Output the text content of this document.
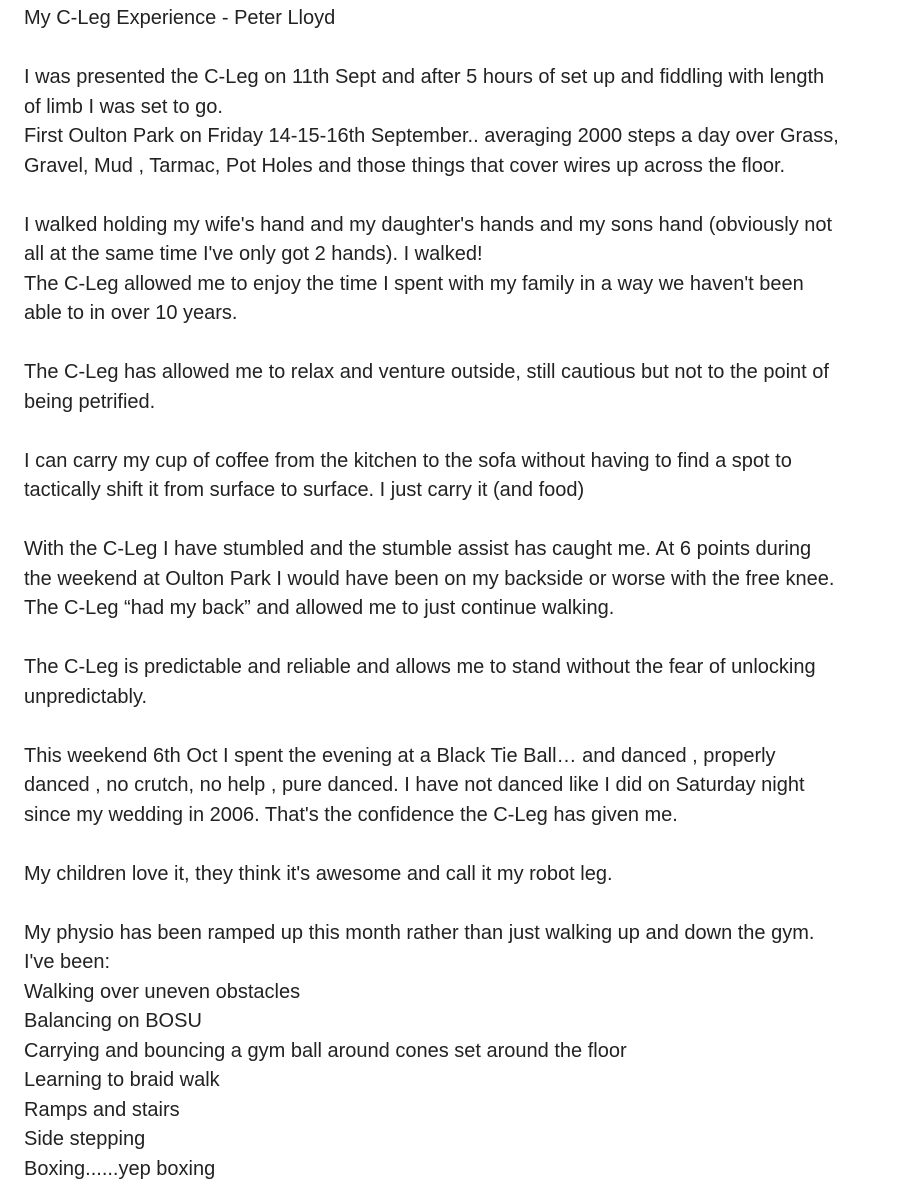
My C-Leg Experience - Peter Lloyd
I was presented the C-Leg on 11th Sept and after 5 hours of set up and fiddling with length
of limb I was set to go.
First Oulton Park on Friday 14-15-16th September.. averaging 2000 steps a day over Grass,
Gravel, Mud , Tarmac, Pot Holes and those things that cover wires up across the floor.
I walked holding my wife's hand and my daughter's hands and my sons hand (obviously not
all at the same time I've only got 2 hands). I walked!
The C-Leg allowed me to enjoy the time I spent with my family in a way we haven't been
able to in over 10 years.
The C-Leg has allowed me to relax and venture outside, still cautious but not to the point of
being petrified.
I can carry my cup of coffee from the kitchen to the sofa without having to find a spot to
tactically shift it from surface to surface. I just carry it (and food)
With the C-Leg I have stumbled and the stumble assist has caught me. At 6 points during
the weekend at Oulton Park I would have been on my backside or worse with the free knee.
The C-Leg “had my back” and allowed me to just continue walking.
The C-Leg is predictable and reliable and allows me to stand without the fear of unlocking
unpredictably.
This weekend 6th Oct I spent the evening at a Black Tie Ball… and danced , properly
danced , no crutch, no help , pure danced. I have not danced like I did on Saturday night
since my wedding in 2006. That's the confidence the C-Leg has given me.
My children love it, they think it's awesome and call it my robot leg.
My physio has been ramped up this month rather than just walking up and down the gym.
I've been:
Walking over uneven obstacles
Balancing on BOSU
Carrying and bouncing a gym ball around cones set around the floor
Learning to braid walk
Ramps and stairs
Side stepping
Boxing......yep boxing
